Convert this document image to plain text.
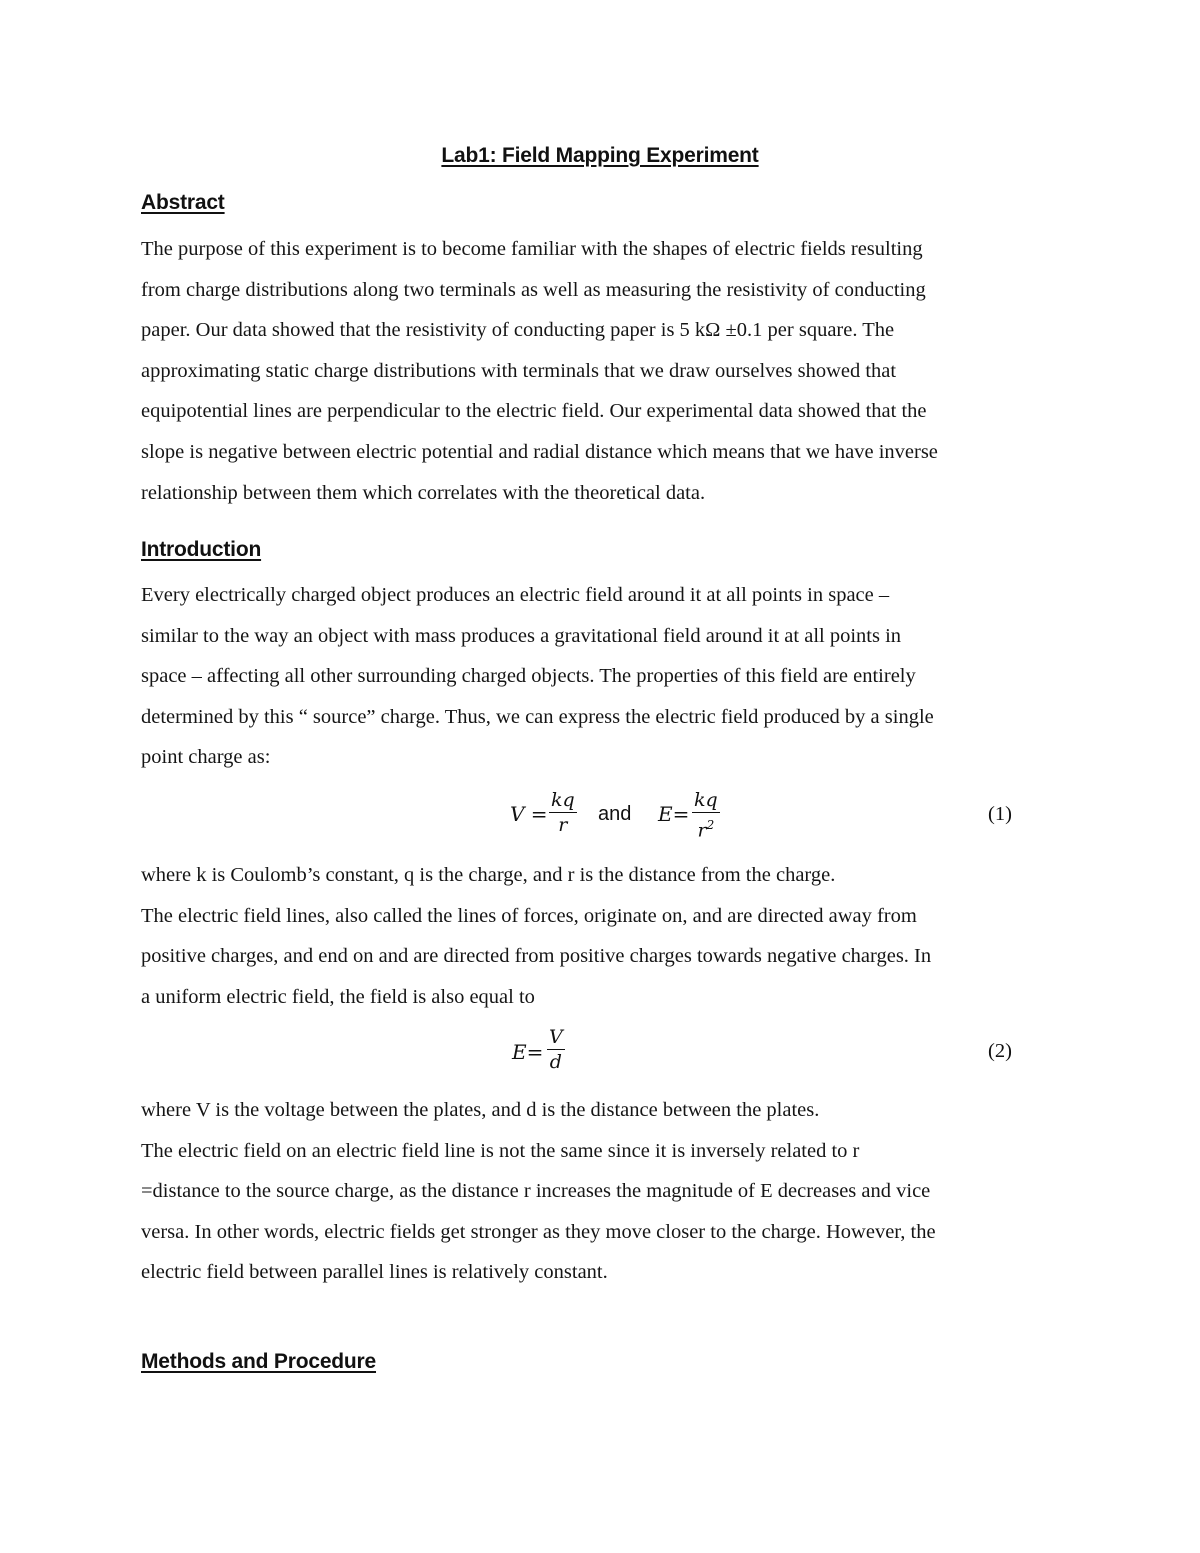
Lab1: Field Mapping Experiment
Abstract
The purpose of this experiment is to become familiar with the shapes of electric fields resulting
from charge distributions along two terminals as well as measuring the resistivity of conducting
paper. Our data showed that the resistivity of conducting paper is 5 kΩ ±0.1 per square. The
approximating static charge distributions with terminals that we draw ourselves showed that
equipotential lines are perpendicular to the electric field. Our experimental data showed that the
slope is negative between electric potential and radial distance which means that we have inverse
relationship between them which correlates with the theoretical data.
Introduction
Every electrically charged object produces an electric field around it at all points in space –
similar to the way an object with mass produces a gravitational field around it at all points in
space – affecting all other surrounding charged objects. The properties of this field are entirely
determined by this “ source” charge. Thus, we can express the electric field produced by a single
point charge as:
$V = \frac{kq}{r}$ and $E= \frac{kq}{r^2}$	(1)
where k is Coulomb’s constant, q is the charge, and r is the distance from the charge.
The electric field lines, also called the lines of forces, originate on, and are directed away from
positive charges, and end on and are directed from positive charges towards negative charges. In
a uniform electric field, the field is also equal to
$E= \frac{V}{d}$	(2)
where V is the voltage between the plates, and d is the distance between the plates.
The electric field on an electric field line is not the same since it is inversely related to r
=distance to the source charge, as the distance r increases the magnitude of E decreases and vice
versa. In other words, electric fields get stronger as they move closer to the charge. However, the
electric field between parallel lines is relatively constant.
Methods and Procedure
